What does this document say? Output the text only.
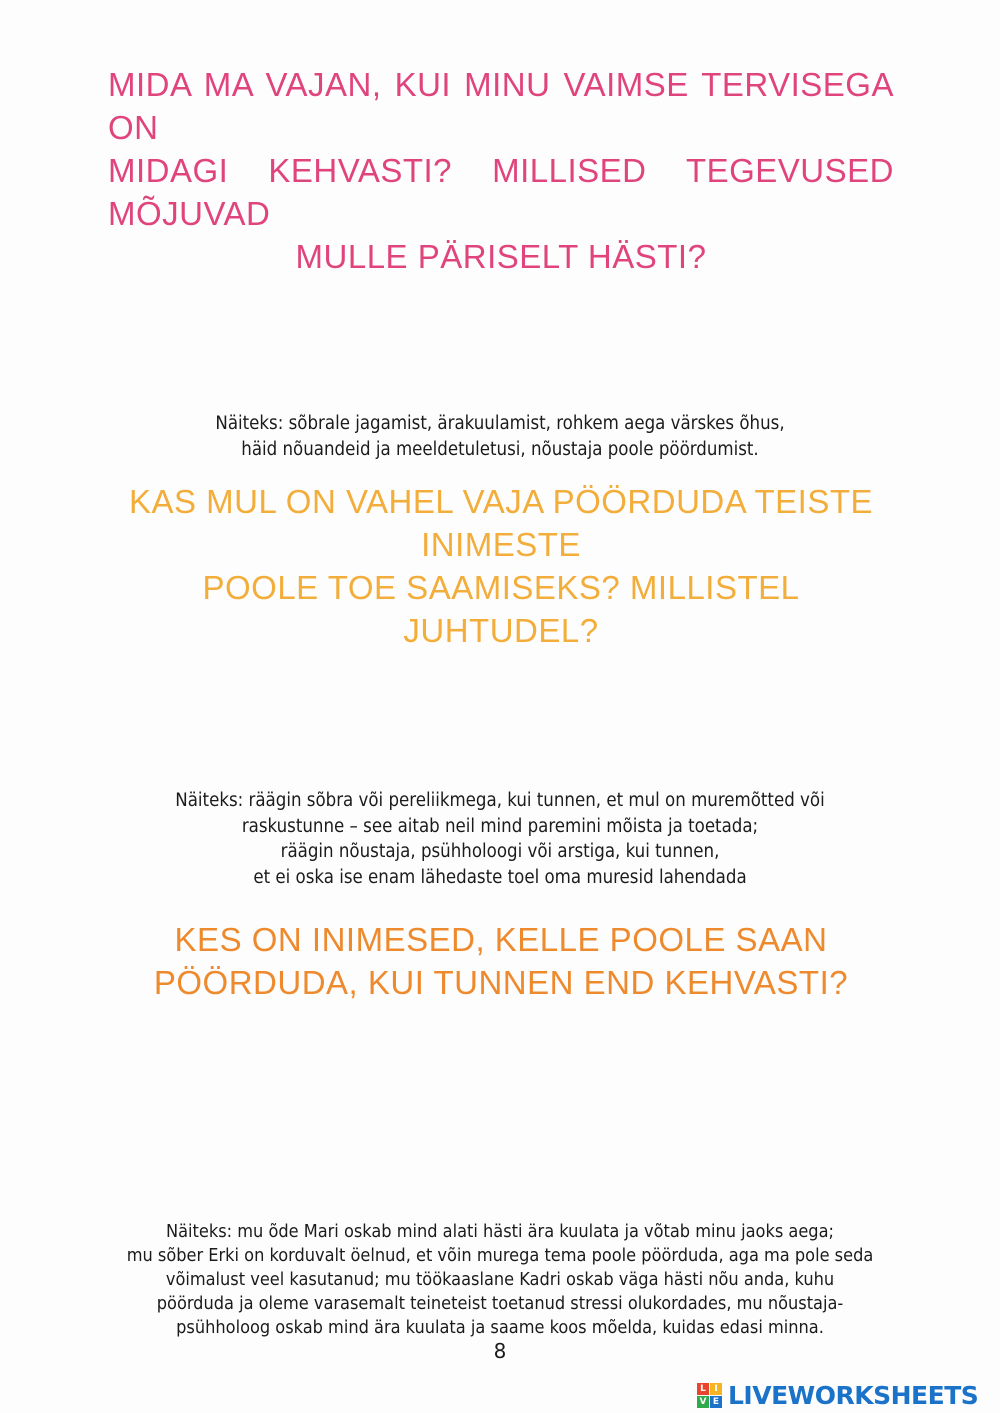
MIDA MA VAJAN, KUI MINU VAIMSE TERVISEGA ON
MIDAGI KEHVASTI? MILLISED TEGEVUSED MÕJUVAD
MULLE PÄRISELT HÄSTI?

Näiteks: sõbrale jagamist, ärakuulamist, rohkem aega värskes õhus,
häid nõuandeid ja meeldetuletusi, nõustaja poole pöördumist.

KAS MUL ON VAHEL VAJA PÖÖRDUDA TEISTE INIMESTE
POOLE TOE SAAMISEKS? MILLISTEL JUHTUDEL?

Näiteks: räägin sõbra või pereliikmega, kui tunnen, et mul on muremõtted või
raskustunne – see aitab neil mind paremini mõista ja toetada;
räägin nõustaja, psühholoogi või arstiga, kui tunnen,
et ei oska ise enam lähedaste toel oma muresid lahendada

KES ON INIMESED, KELLE POOLE SAAN
PÖÖRDUDA, KUI TUNNEN END KEHVASTI?

Näiteks: mu õde Mari oskab mind alati hästi ära kuulata ja võtab minu jaoks aega;
mu sõber Erki on korduvalt öelnud, et võin murega tema poole pöörduda, aga ma pole seda
võimalust veel kasutanud; mu töökaaslane Kadri oskab väga hästi nõu anda, kuhu
pöörduda ja oleme varasemalt teineteist toetanud stressi olukordades, mu nõustaja-
psühholoog oskab mind ära kuulata ja saame koos mõelda, kuidas edasi minna.

8
L I
V E LIVEWORKSHEETS
